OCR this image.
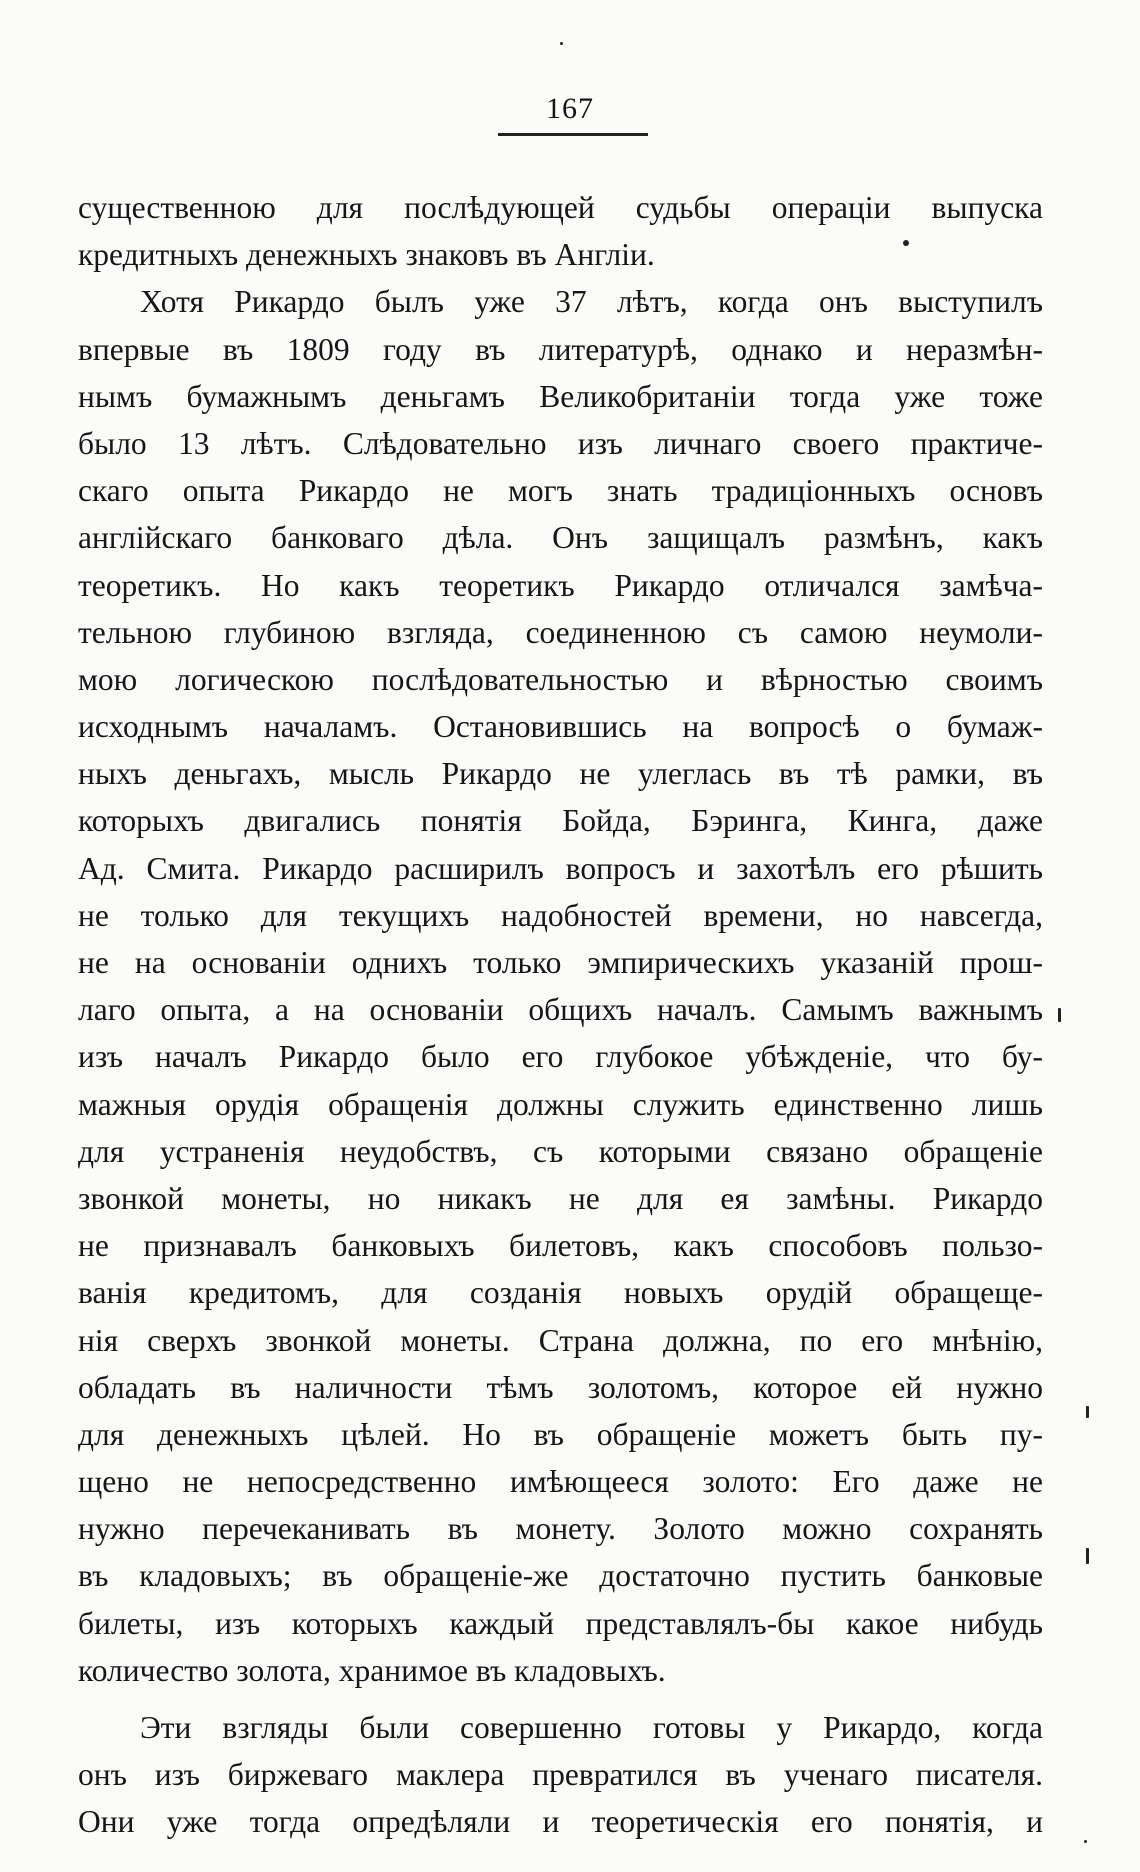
167
существенною для послѣдующей судьбы операціи выпуска
кредитныхъ денежныхъ знаковъ въ Англіи.
Хотя Рикардо былъ уже 37 лѣтъ, когда онъ выступилъ
впервые въ 1809 году въ литературѣ, однако и неразмѣн-
нымъ бумажнымъ деньгамъ Великобританіи тогда уже тоже
было 13 лѣтъ. Слѣдовательно изъ личнаго своего практиче-
скаго опыта Рикардо не могъ знать традиціонныхъ основъ
англійскаго банковаго дѣла. Онъ защищалъ размѣнъ, какъ
теоретикъ. Но какъ теоретикъ Рикардо отличался замѣча-
тельною глубиною взгляда, соединенною съ самою неумоли-
мою логическою послѣдовательностью и вѣрностью своимъ
исходнымъ началамъ. Остановившись на вопросѣ о бумаж-
ныхъ деньгахъ, мысль Рикардо не улеглась въ тѣ рамки, въ
которыхъ двигались понятія Бойда, Бэринга, Кинга, даже
Ад. Смита. Рикардо расширилъ вопросъ и захотѣлъ его рѣшить
не только для текущихъ надобностей времени, но навсегда,
не на основаніи однихъ только эмпирическихъ указаній прош-
лаго опыта, а на основаніи общихъ началъ. Самымъ важнымъ
изъ началъ Рикардо было его глубокое убѣжденіе, что бу-
мажныя орудія обращенія должны служить единственно лишь
для устраненія неудобствъ, съ которыми связано обращеніе
звонкой монеты, но никакъ не для ея замѣны. Рикардо
не признавалъ банковыхъ билетовъ, какъ способовъ пользо-
ванія кредитомъ, для созданія новыхъ орудій обращеще-
нія сверхъ звонкой монеты. Страна должна, по его мнѣнію,
обладать въ наличности тѣмъ золотомъ, которое ей нужно
для денежныхъ цѣлей. Но въ обращеніе можетъ быть пу-
щено не непосредственно имѣющееся золото: Его даже не
нужно перечеканивать въ монету. Золото можно сохранять
въ кладовыхъ; въ обращеніе-же достаточно пустить банковые
билеты, изъ которыхъ каждый представлялъ-бы какое нибудь
количество золота, хранимое въ кладовыхъ.
Эти взгляды были совершенно готовы у Рикардо, когда
онъ изъ биржеваго маклера превратился въ ученаго писателя.
Они уже тогда опредѣляли и теоретическія его понятія, и
